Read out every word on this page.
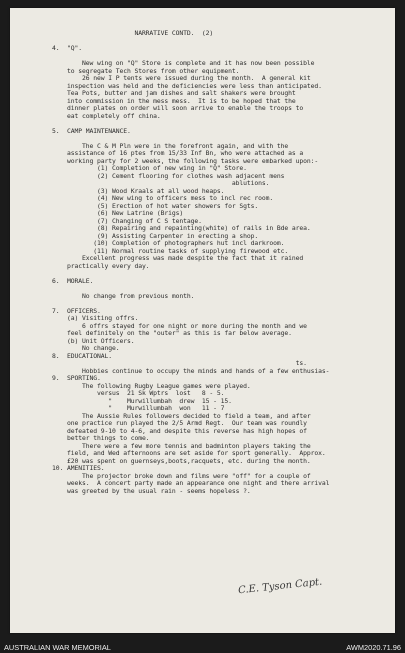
NARRATIVE CONTD.  (2)
4.  "Q".
New wing on "Q" Store is complete and it has now been possible
to segregate Tech Stores from other equipment.
26 new I P tents were issued during the month.  A general kit
inspection was held and the deficiencies were less than anticipated.
Tea Pots, butter and jam dishes and salt shakers were brought
into commission in the mess mess.  It is to be hoped that the
dinner plates on order will soon arrive to enable the troops to
eat completely off china.
5.  CAMP MAINTENANCE.
The C & M Pln were in the forefront again, and with the
assistance of 16 ptes from 15/33 Inf Bn, who were attached as a
working party for 2 weeks, the following tasks were embarked upon:-
(1) Completion of new wing in "Q" Store.
(2) Cement flooring for clothes wash adjacent mens
ablutions.
(3) Wood Kraals at all wood heaps.
(4) New wing to officers mess to incl rec room.
(5) Erection of hot water showers for Sgts.
(6) New Latrine (Brigs)
(7) Changing of C S tentage.
(8) Repairing and repainting(white) of rails in Bde area.
(9) Assisting Carpenter in erecting a shop.
(10) Completion of photographers hut incl darkroom.
(11) Normal routine tasks of supplying firewood etc.
Excellent progress was made despite the fact that it rained
practically every day.
6.  MORALE.
No change from previous month.
7.  OFFICERS.
(a) Visiting offrs.
6 offrs stayed for one night or more during the month and we
feel definitely on the "outer" as this is far below average.
(b) Unit Officers.
No change.
8.  EDUCATIONAL.
ts.
Hobbies continue to occupy the minds and hands of a few enthusias-
9.  SPORTING.
The following Rugby League games were played.
versus  21 Sk Wptrs  lost   8 - 5.
"    Murwillumbah  drew  15 - 15.
"    Murwillumbah  won   11 - 7
The Aussie Rules followers decided to field a team, and after
one practice run played the 2/5 Armd Regt.  Our team was roundly
defeated 9-10 to 4-6, and despite this reverse has high hopes of
better things to come.
There were a few more tennis and badminton players taking the
field, and Wed afternoons are set aside for sport generally.  Approx.
£20 was spent on guernseys,boots,racquets, etc. during the month.
10. AMENITIES.
The projector broke down and films were "off" for a couple of
weeks.  A concert party made an appearance one night and there arrival
was greeted by the usual rain - seems hopeless ?.
C.E. Tyson Capt.
AUSTRALIAN WAR MEMORIAL	AWM2020.71.96
